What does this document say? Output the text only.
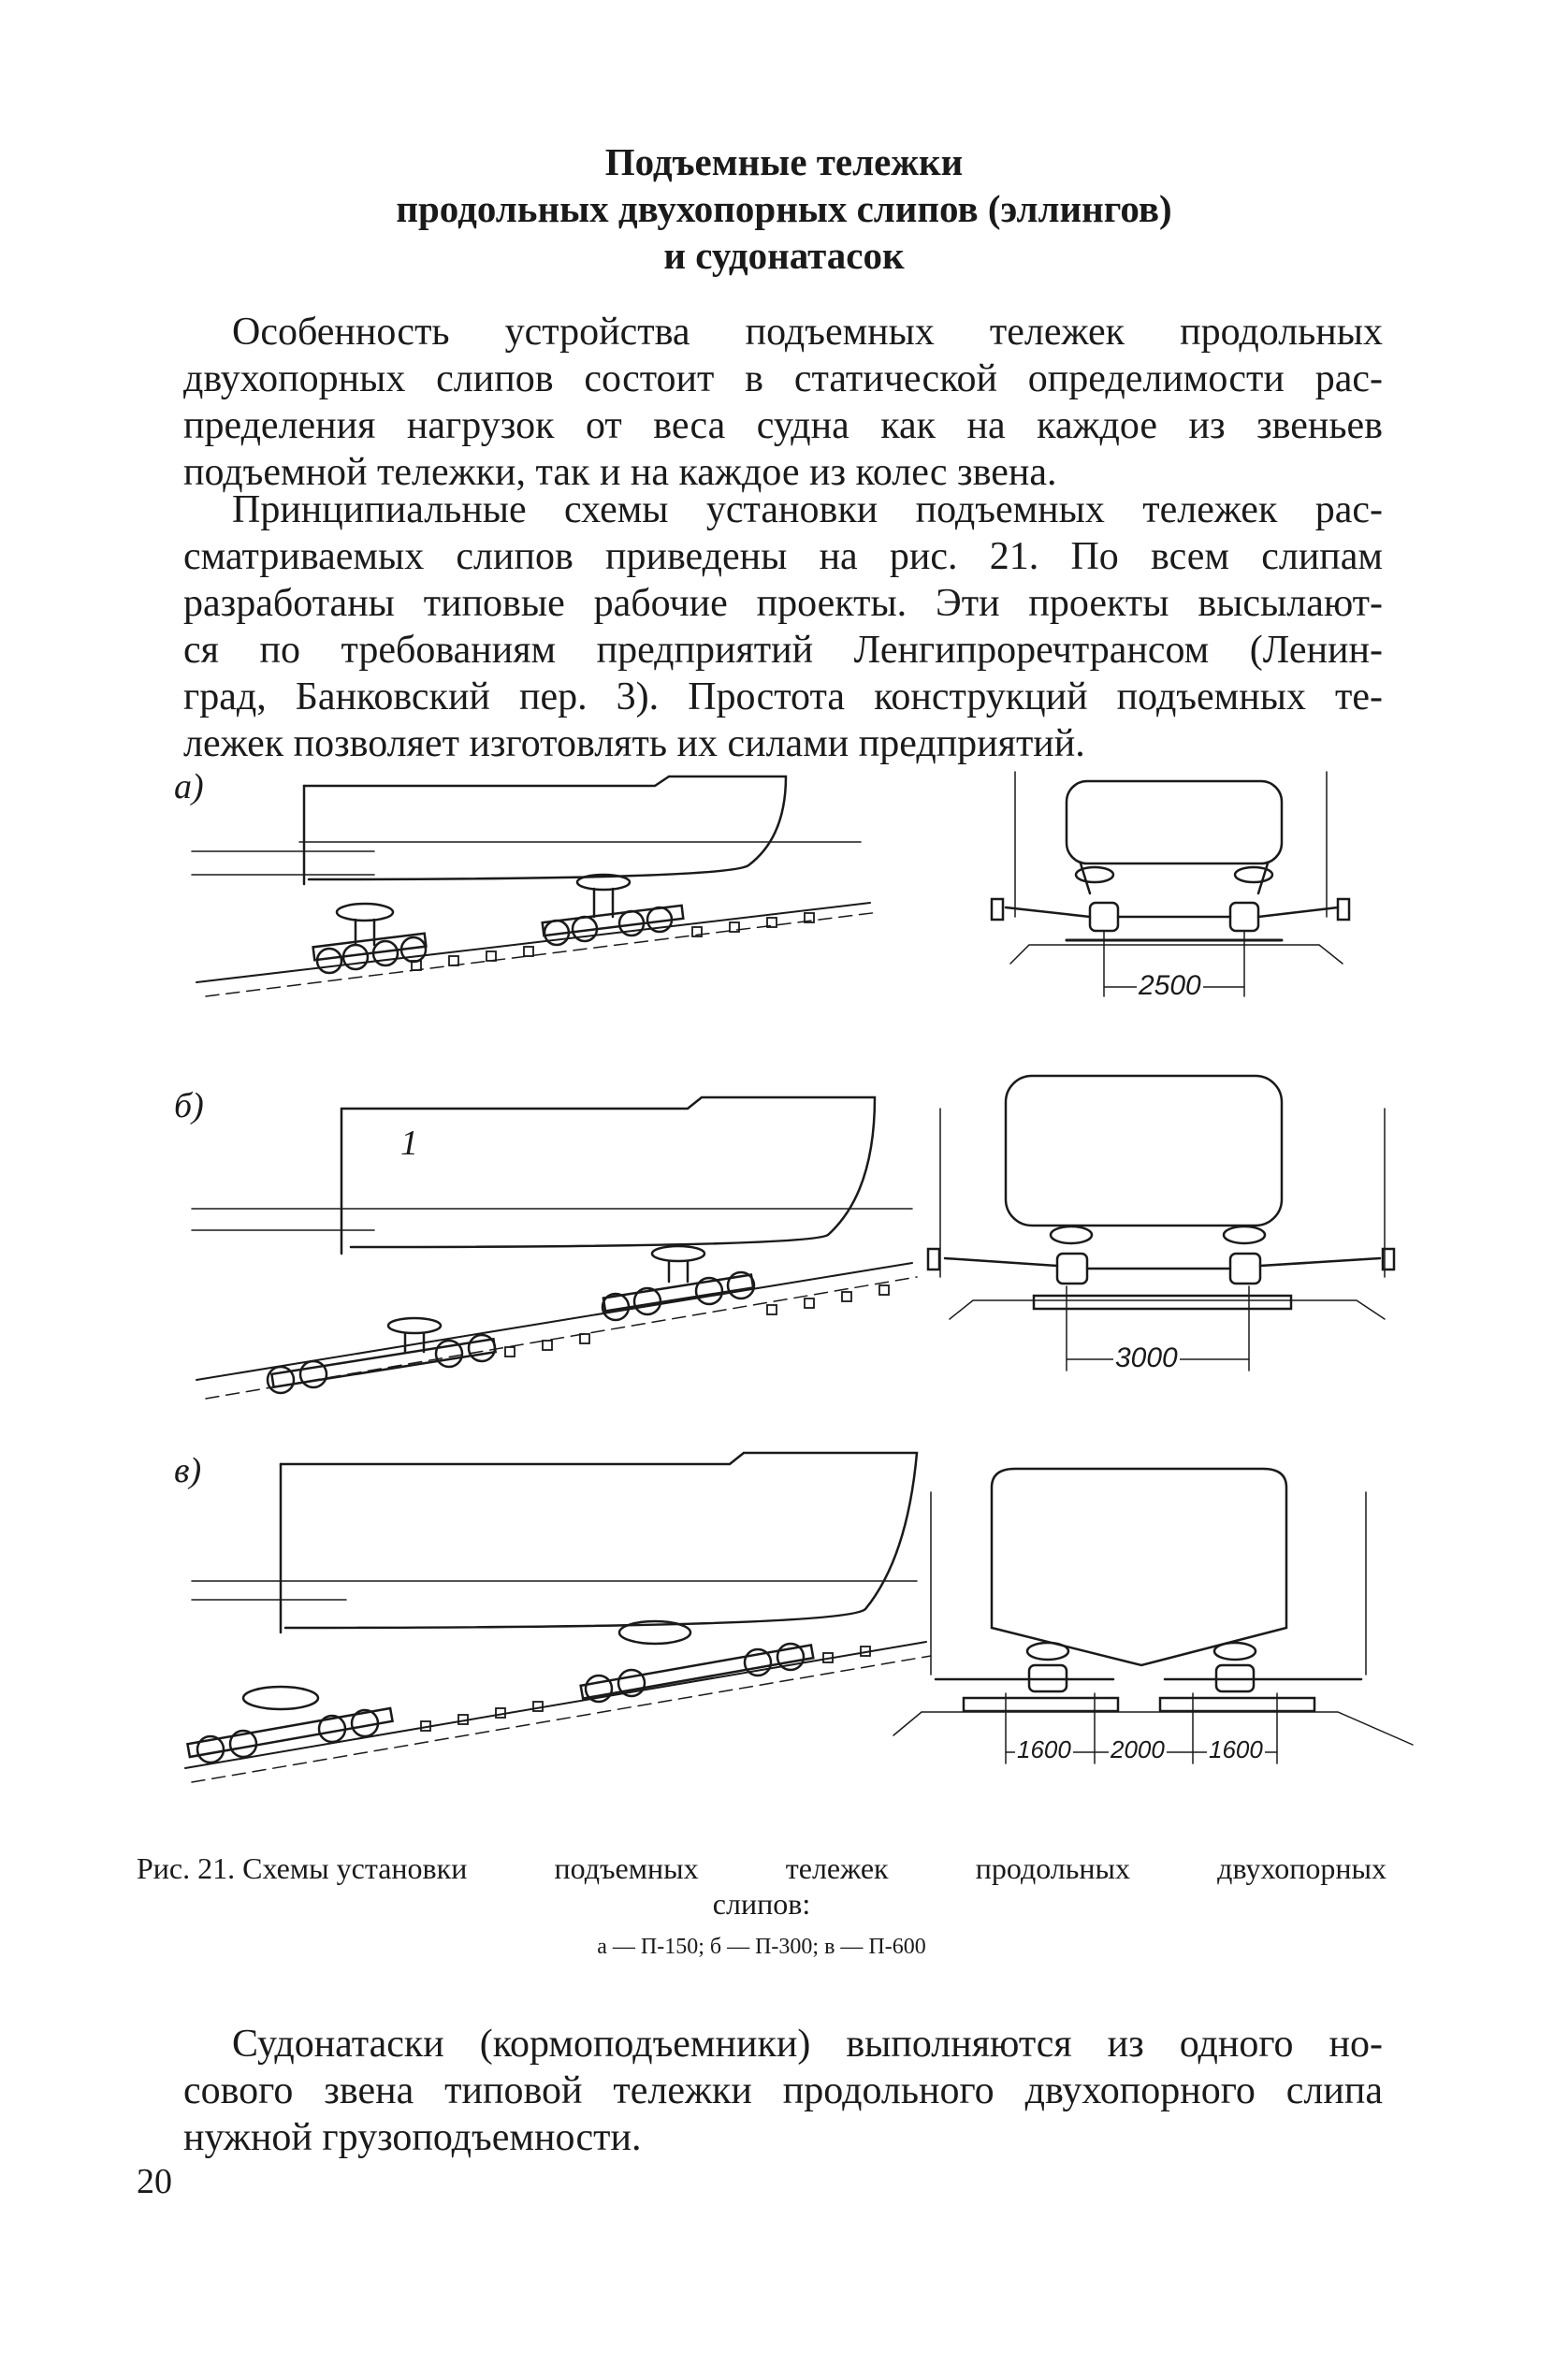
Подъемные тележки
продольных двухопорных слипов (эллингов)
и судонатасок
Особенность устройства подъемных тележек продольных
двухопорных слипов состоит в статической определимости рас-
пределения нагрузок от веса судна как на каждое из звеньев
подъемной тележки, так и на каждое из колес звена.
Принципиальные схемы установки подъемных тележек рас-
сматриваемых слипов приведены на рис. 21. По всем слипам
разработаны типовые рабочие проекты. Эти проекты высылают-
ся по требованиям предприятий Ленгипроречтрансом (Ленин-
град, Банковский пер. 3). Простота конструкций подъемных те-
лежек позволяет изготовлять их силами предприятий.
а)
б)
в)
1
2500
3000
1600 2000 1600
Рис. 21. Схемы установки	подъемных	тележек	продольных	двухопорных
слипов:
а — П-150; б — П-300; в — П-600
Судонатаски (кормоподъемники) выполняются из одного но-
сового звена типовой тележки продольного двухопорного слипа
нужной грузоподъемности.
20
